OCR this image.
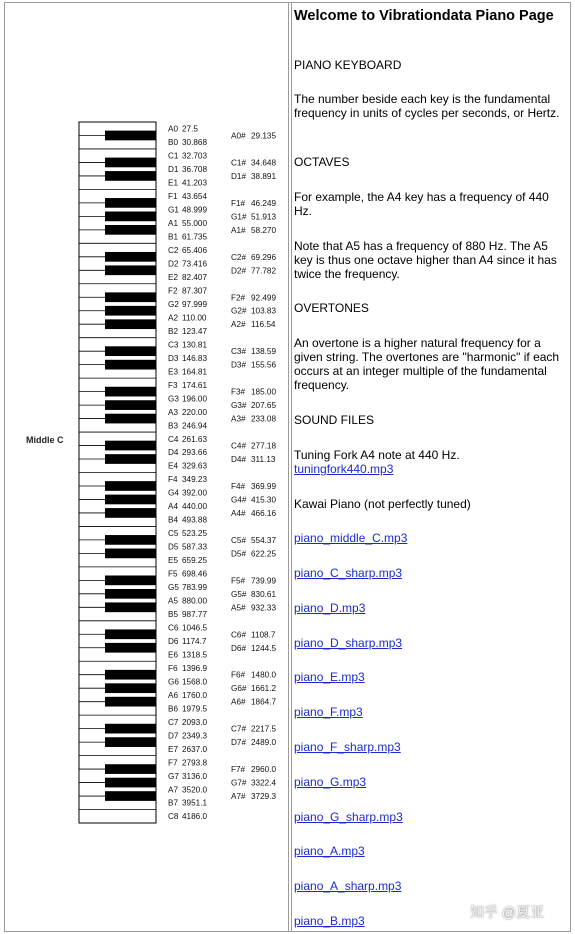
A0 27.5
B0 30.868
C1 32.703
D1 36.708
E1 41.203
F1 43.654
G1 48.999
A1 55.000
B1 61.735
C2 65.406
D2 73.416
E2 82.407
F2 87.307
G2 97.999
A2 110.00
B2 123.47
C3 130.81
D3 146.83
E3 164.81
F3 174.61
G3 196.00
A3 220.00
B3 246.94
C4 261.63
D4 293.66
E4 329.63
F4 349.23
G4 392.00
A4 440.00
B4 493.88
C5 523.25
D5 587.33
E5 659.25
F5 698.46
G5 783.99
A5 880.00
B5 987.77
C6 1046.5
D6 1174.7
E6 1318.5
F6 1396.9
G6 1568.0
A6 1760.0
B6 1979.5
C7 2093.0
D7 2349.3
E7 2637.0
F7 2793.8
G7 3136.0
A7 3520.0
B7 3951.1
C8 4186.0
A0# 29.135
C1# 34.648
D1# 38.891
F1# 46.249
G1# 51.913
A1# 58.270
C2# 69.296
D2# 77.782
F2# 92.499
G2# 103.83
A2# 116.54
C3# 138.59
D3# 155.56
F3# 185.00
G3# 207.65
A3# 233.08
C4# 277.18
D4# 311.13
F4# 369.99
G4# 415.30
A4# 466.16
C5# 554.37
D5# 622.25
F5# 739.99
G5# 830.61
A5# 932.33
C6# 1108.7
D6# 1244.5
F6# 1480.0
G6# 1661.2
A6# 1864.7
C7# 2217.5
D7# 2489.0
F7# 2960.0
G7# 3322.4
A7# 3729.3
Middle C
Welcome to Vibrationdata Piano Page
PIANO KEYBOARD

The number beside each key is the fundamental frequency in units of cycles per seconds, or Hertz.

OCTAVES

For example, the A4 key has a frequency of 440 Hz.

Note that A5 has a frequency of 880 Hz. The A5 key is thus one octave higher than A4 since it has twice the frequency.

OVERTONES

An overtone is a higher natural frequency for a given string. The overtones are "harmonic" if each occurs at an integer multiple of the fundamental frequency.

SOUND FILES

Tuning Fork A4 note at 440 Hz.

tuningfork440.mp3

Kawai Piano (not perfectly tuned)

piano_middle_C.mp3
piano_C_sharp.mp3
piano_D.mp3
piano_D_sharp.mp3
piano_E.mp3
piano_F.mp3
piano_F_sharp.mp3
piano_G.mp3
piano_G_sharp.mp3
piano_A.mp3
piano_A_sharp.mp3
piano_B.mp3
知乎 @夏亚
